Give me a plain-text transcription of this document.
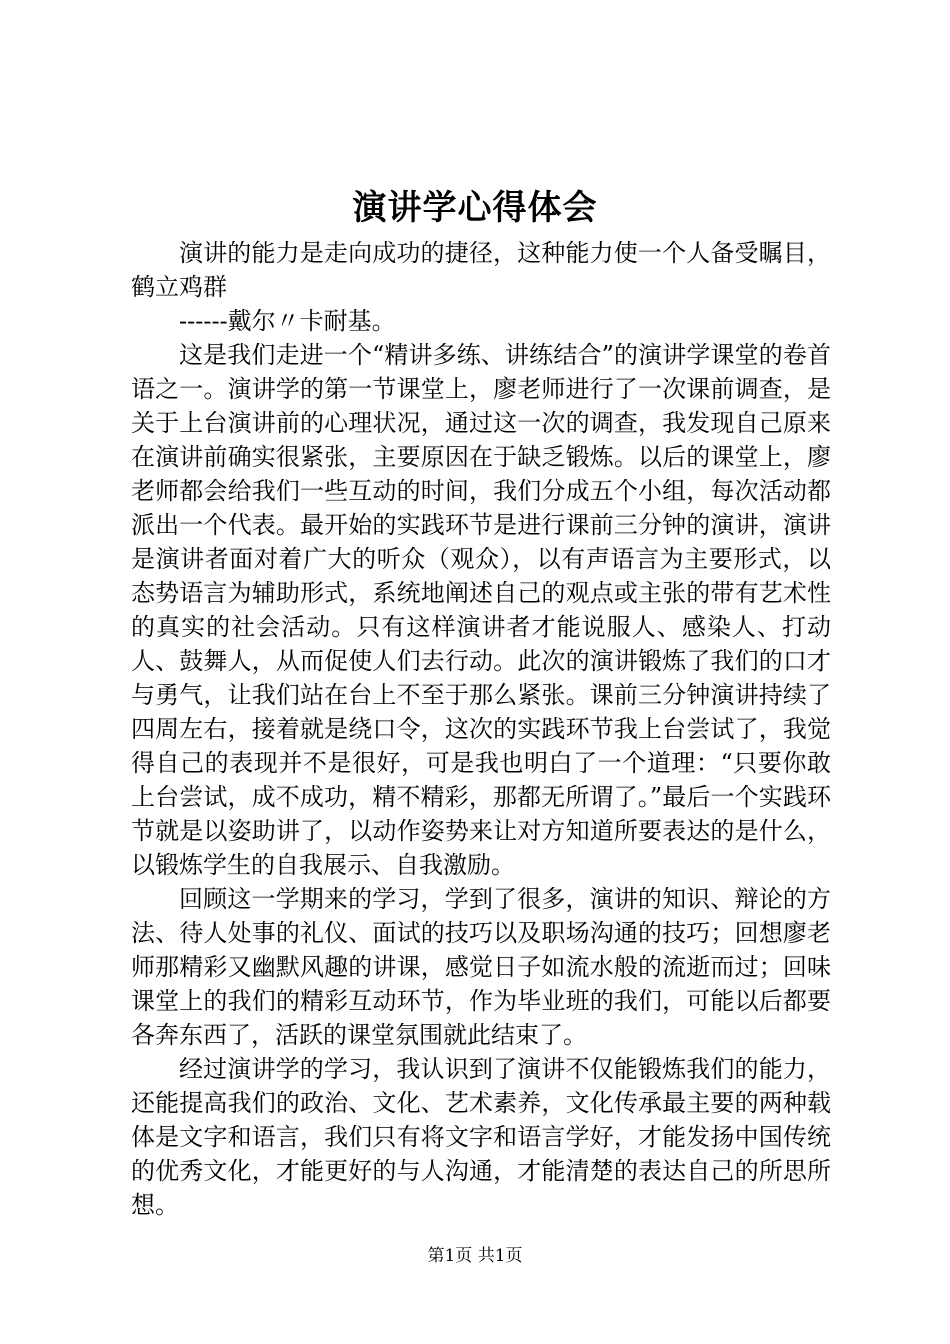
演讲学心得体会

演讲的能力是走向成功的捷径，这种能力使一个人备受瞩目，鹤立鸡群

------戴尔〃卡耐基。

这是我们走进一个“精讲多练、讲练结合”的演讲学课堂的卷首语之一。演讲学的第一节课堂上，廖老师进行了一次课前调查，是关于上台演讲前的心理状况，通过这一次的调查，我发现自己原来在演讲前确实很紧张，主要原因在于缺乏锻炼。以后的课堂上，廖老师都会给我们一些互动的时间，我们分成五个小组，每次活动都派出一个代表。最开始的实践环节是进行课前三分钟的演讲，演讲是演讲者面对着广大的听众（观众），以有声语言为主要形式，以态势语言为辅助形式，系统地阐述自己的观点或主张的带有艺术性的真实的社会活动。只有这样演讲者才能说服人、感染人、打动人、鼓舞人，从而促使人们去行动。此次的演讲锻炼了我们的口才与勇气，让我们站在台上不至于那么紧张。课前三分钟演讲持续了四周左右，接着就是绕口令，这次的实践环节我上台尝试了，我觉得自己的表现并不是很好，可是我也明白了一个道理：“只要你敢上台尝试，成不成功，精不精彩，那都无所谓了。”最后一个实践环节就是以姿助讲了，以动作姿势来让对方知道所要表达的是什么，以锻炼学生的自我展示、自我激励。

回顾这一学期来的学习，学到了很多，演讲的知识、辩论的方法、待人处事的礼仪、面试的技巧以及职场沟通的技巧；回想廖老师那精彩又幽默风趣的讲课，感觉日子如流水般的流逝而过；回味课堂上的我们的精彩互动环节，作为毕业班的我们，可能以后都要各奔东西了，活跃的课堂氛围就此结束了。

经过演讲学的学习，我认识到了演讲不仅能锻炼我们的能力，还能提高我们的政治、文化、艺术素养，文化传承最主要的两种载体是文字和语言，我们只有将文字和语言学好，才能发扬中国传统的优秀文化，才能更好的与人沟通，才能清楚的表达自己的所思所想。

第1页 共1页
